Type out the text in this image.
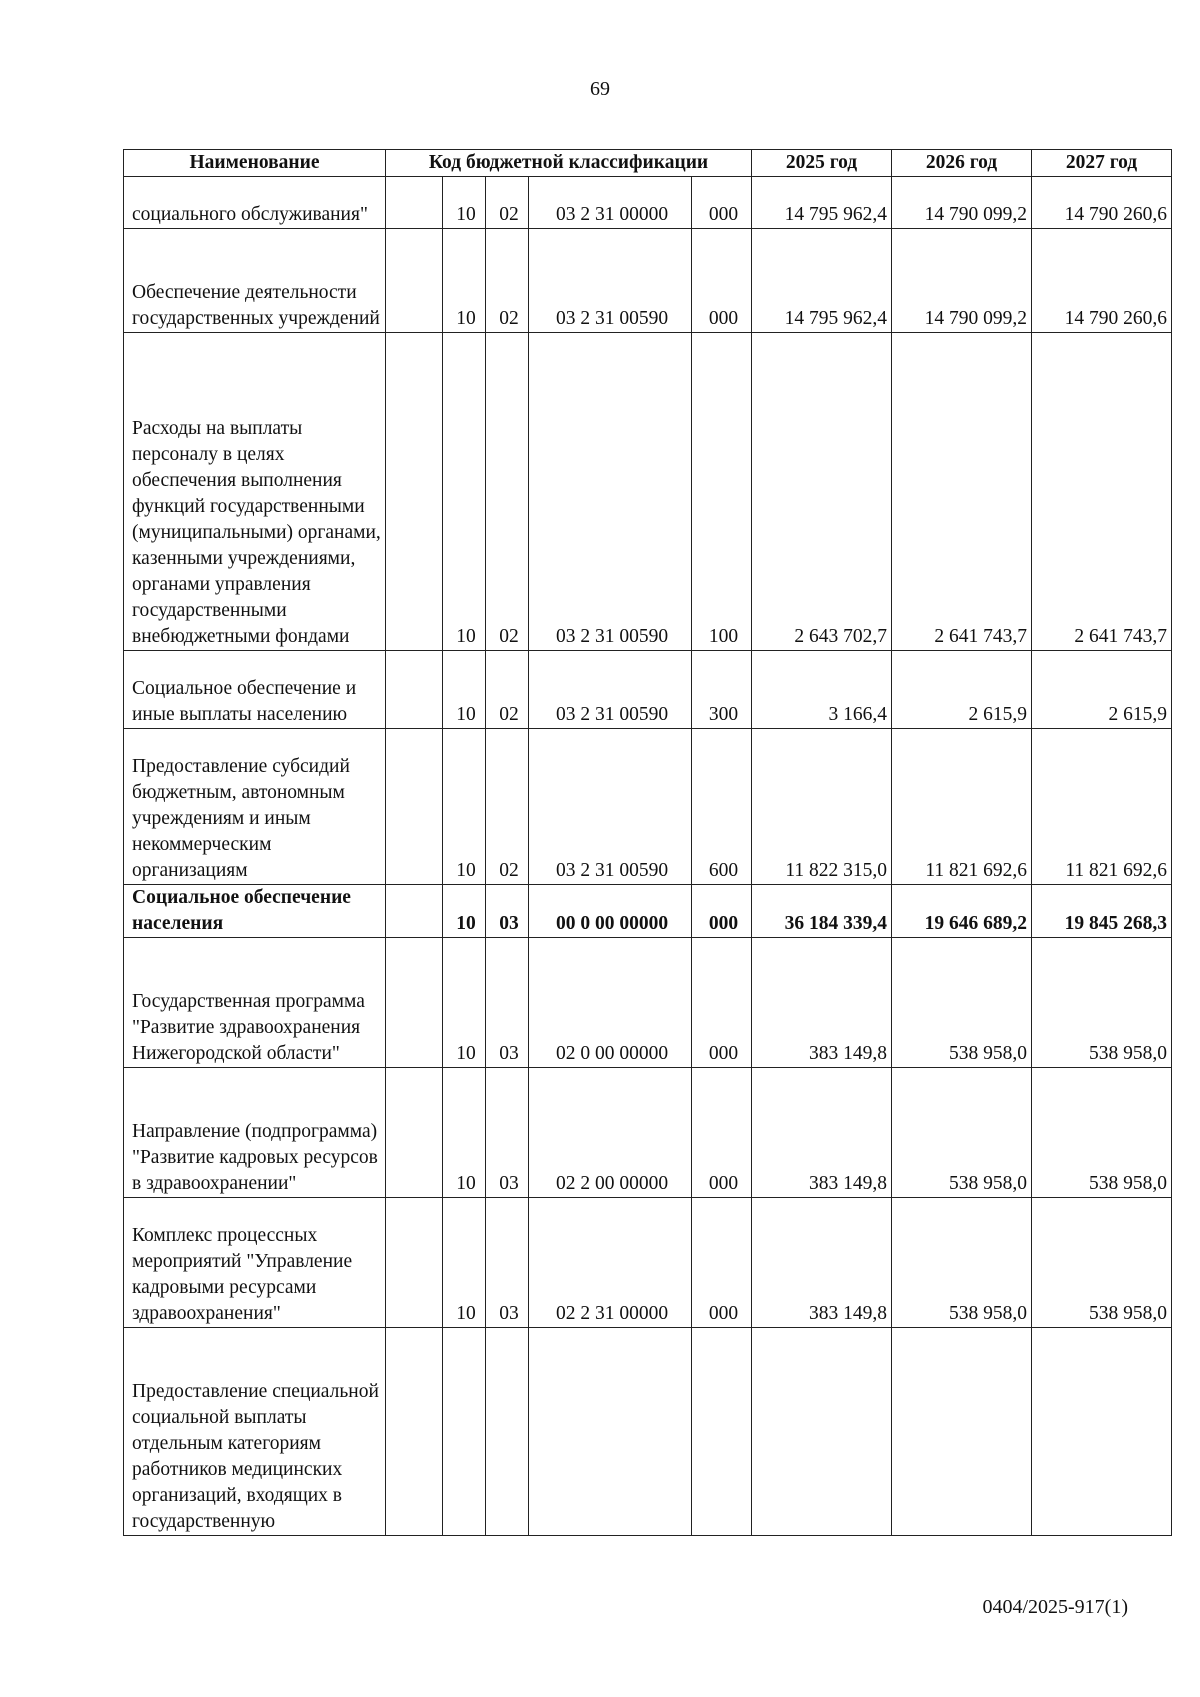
69
Наименование	Код бюджетной классификации					2025 год	2026 год	2027 год
социального обслуживания"		10	02	03 2 31 00000	000	14 795 962,4	14 790 099,2	14 790 260,6
Обеспечение деятельности государственных учреждений		10	02	03 2 31 00590	000	14 795 962,4	14 790 099,2	14 790 260,6
Расходы на выплаты персоналу в целях обеспечения выполнения функций государственными (муниципальными) органами, казенными учреждениями, органами управления государственными внебюджетными фондами		10	02	03 2 31 00590	100	2 643 702,7	2 641 743,7	2 641 743,7
Социальное обеспечение и иные выплаты населению		10	02	03 2 31 00590	300	3 166,4	2 615,9	2 615,9
Предоставление субсидий бюджетным, автономным учреждениям и иным некоммерческим организациям		10	02	03 2 31 00590	600	11 822 315,0	11 821 692,6	11 821 692,6
Социальное обеспечение населения		10	03	00 0 00 00000	000	36 184 339,4	19 646 689,2	19 845 268,3
Государственная программа "Развитие здравоохранения Нижегородской области"		10	03	02 0 00 00000	000	383 149,8	538 958,0	538 958,0
Направление (подпрограмма) "Развитие кадровых ресурсов в здравоохранении"		10	03	02 2 00 00000	000	383 149,8	538 958,0	538 958,0
Комплекс процессных мероприятий "Управление кадровыми ресурсами здравоохранения"		10	03	02 2 31 00000	000	383 149,8	538 958,0	538 958,0
Предоставление специальной социальной выплаты отдельным категориям работников медицинских организаций, входящих в государственную								
0404/2025-917(1)
